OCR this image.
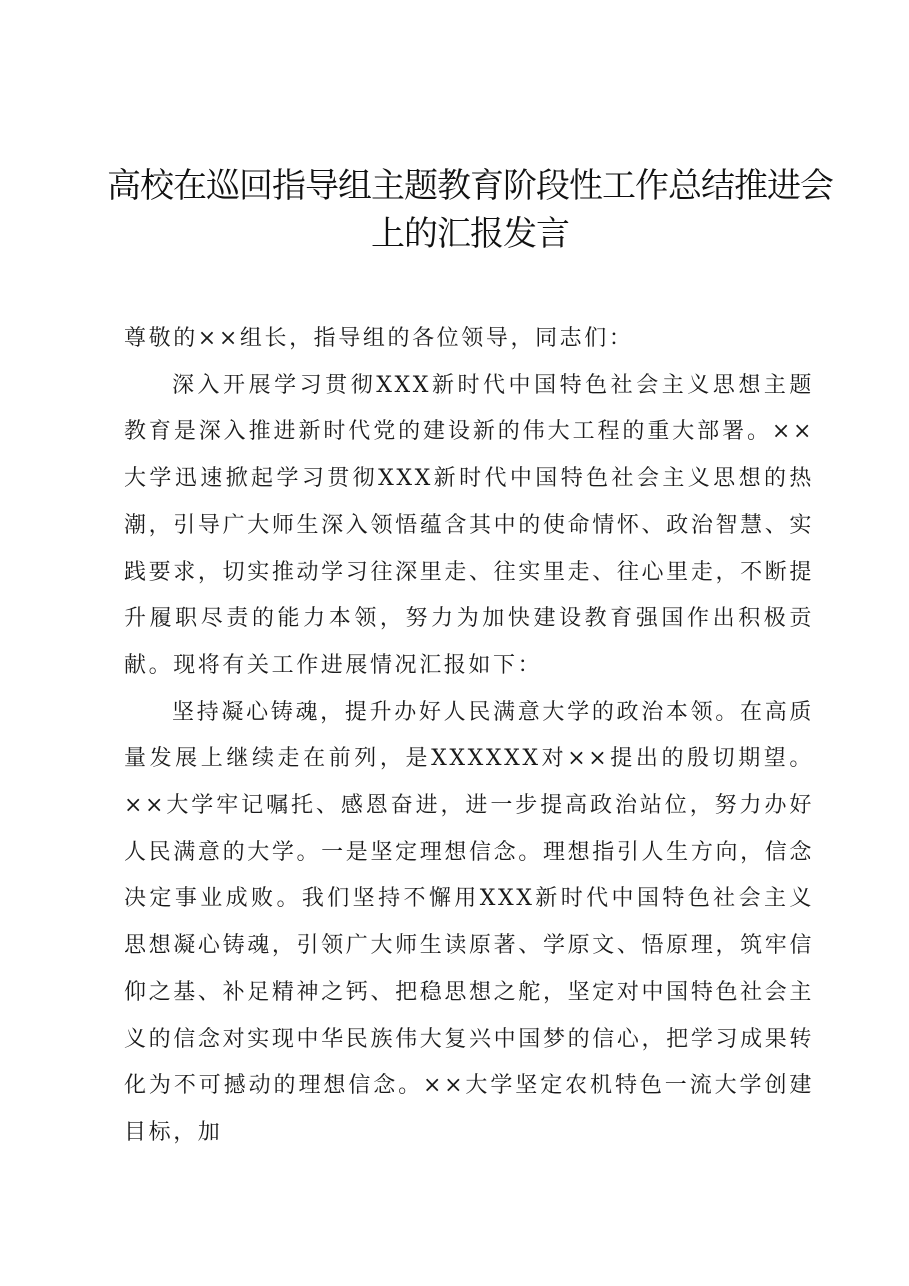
高校在巡回指导组主题教育阶段性工作总结推进会上的汇报发言

尊敬的××组长，指导组的各位领导，同志们：

深入开展学习贯彻XXX新时代中国特色社会主义思想主题教育是深入推进新时代党的建设新的伟大工程的重大部署。××大学迅速掀起学习贯彻XXX新时代中国特色社会主义思想的热潮，引导广大师生深入领悟蕴含其中的使命情怀、政治智慧、实践要求，切实推动学习往深里走、往实里走、往心里走，不断提升履职尽责的能力本领，努力为加快建设教育强国作出积极贡献。现将有关工作进展情况汇报如下：

坚持凝心铸魂，提升办好人民满意大学的政治本领。在高质量发展上继续走在前列，是XXXXXX对××提出的殷切期望。××大学牢记嘱托、感恩奋进，进一步提高政治站位，努力办好人民满意的大学。一是坚定理想信念。理想指引人生方向，信念决定事业成败。我们坚持不懈用XXX新时代中国特色社会主义思想凝心铸魂，引领广大师生读原著、学原文、悟原理，筑牢信仰之基、补足精神之钙、把稳思想之舵，坚定对中国特色社会主义的信念对实现中华民族伟大复兴中国梦的信心，把学习成果转化为不可撼动的理想信念。××大学坚定农机特色一流大学创建目标，加
